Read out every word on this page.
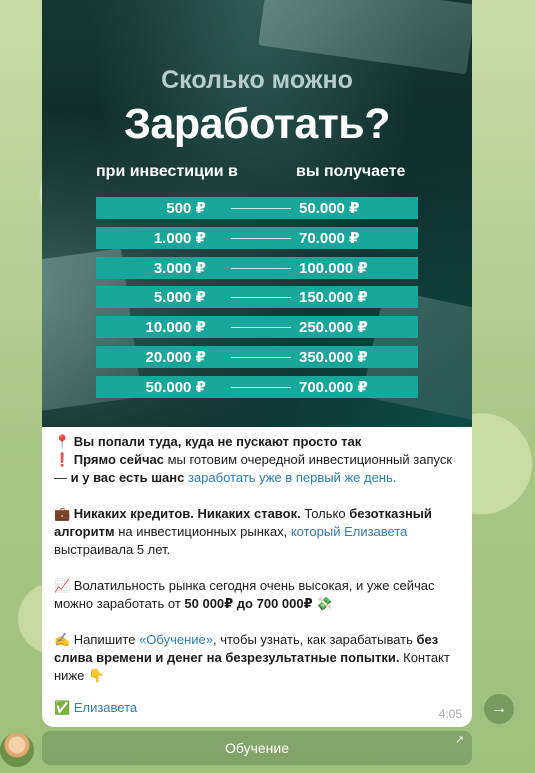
Сколько можно
Заработать?
при инвестиции в	вы получаете
500 ₽	50.000 ₽
1.000 ₽	70.000 ₽
3.000 ₽	100.000 ₽
5.000 ₽	150.000 ₽
10.000 ₽	250.000 ₽
20.000 ₽	350.000 ₽
50.000 ₽	700.000 ₽

📍 Вы попали туда, куда не пускают просто так
❗ Прямо сейчас мы готовим очередной инвестиционный запуск — и у вас есть шанс заработать уже в первый же день.

💼 Никаких кредитов. Никаких ставок. Только безотказный алгоритм на инвестиционных рынках, который Елизавета выстраивала 5 лет.

📈 Волатильность рынка сегодня очень высокая, и уже сейчас можно заработать от 50 000₽ до 700 000₽ 💸

✍️ Напишите «Обучение», чтобы узнать, как зарабатывать без слива времени и денег на безрезультатные попытки. Контакт ниже 👇

✅ Елизавета	4:05	→
Обучение	↗
